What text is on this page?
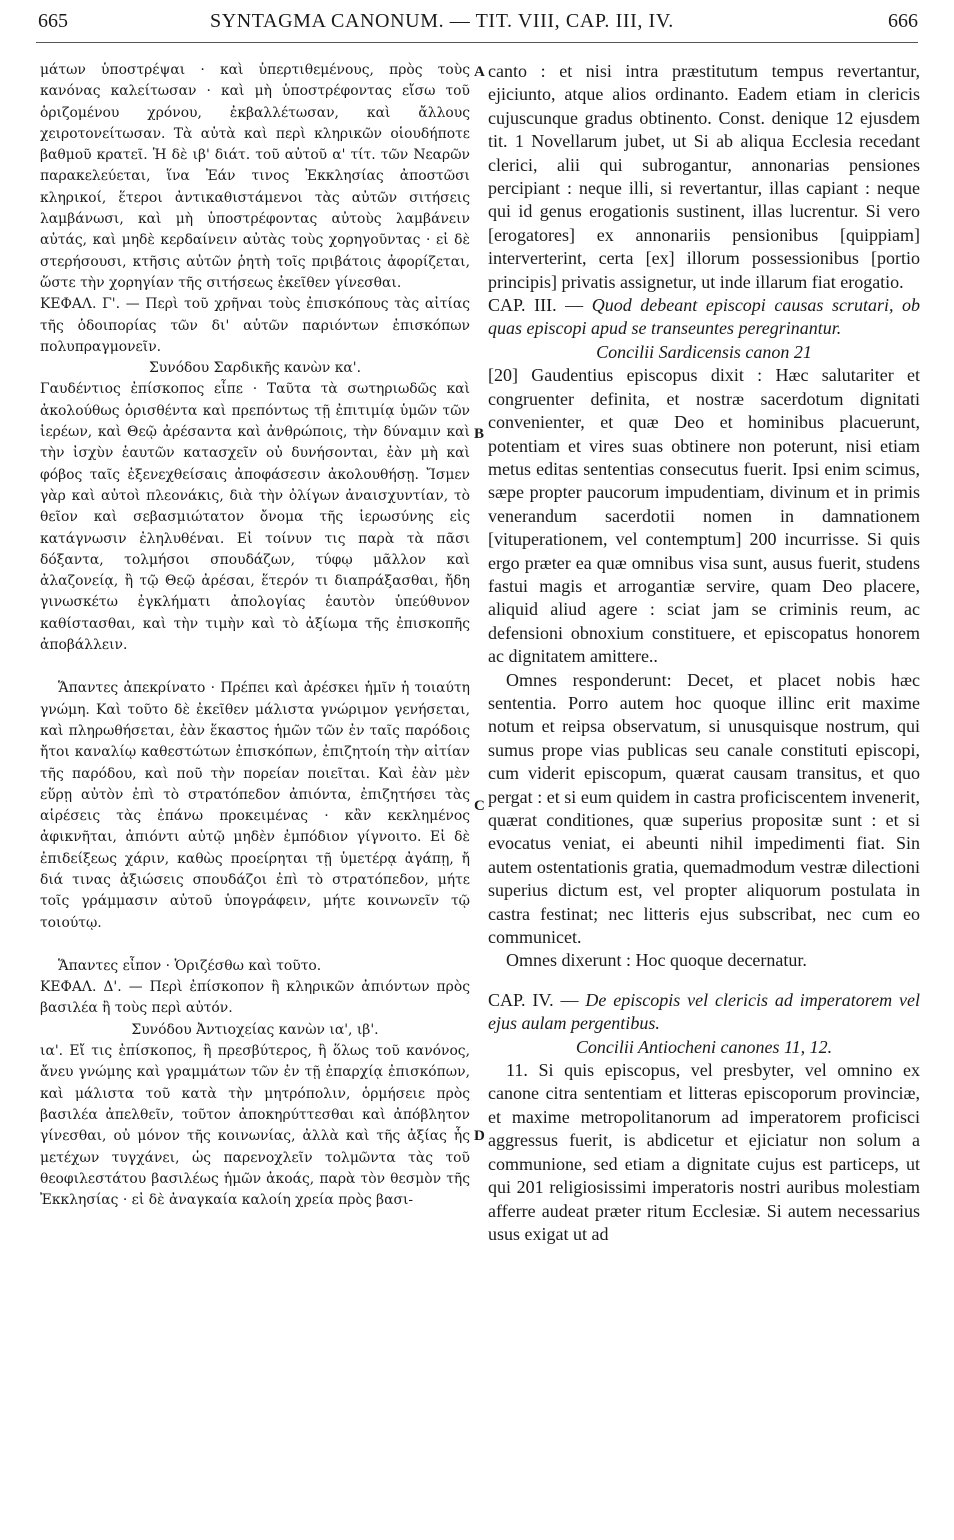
665	SYNTAGMA CANONUM. — TIT. VIII, CAP. III, IV.	666
A
B
C
D

μάτων ὑποστρέψαι · καὶ ὑπερτιθεμένους, πρὸς τοὺς κανόνας καλείτωσαν · καὶ μὴ ὑποστρέφοντας εἴσω τοῦ ὁριζομένου χρόνου, ἐκβαλλέτωσαν, καὶ ἄλλους χειροτονείτωσαν. Τὰ αὐτὰ καὶ περὶ κληρικῶν οἱουδήποτε βαθμοῦ κρατεῖ. Ἡ δὲ ιβ' διάτ. τοῦ αὐτοῦ α' τίτ. τῶν Νεαρῶν παρακελεύεται, ἵνα Ἐάν τινος Ἐκκλησίας ἀποστῶσι κληρικοί, ἕτεροι ἀντικαθιστάμενοι τὰς αὐτῶν σιτήσεις λαμβάνωσι, καὶ μὴ ὑποστρέφοντας αὐτοὺς λαμβάνειν αὐτάς, καὶ μηδὲ κερδαίνειν αὐτὰς τοὺς χορηγοῦντας · εἰ δὲ στερήσουσι, κτῆσις αὐτῶν ῥητὴ τοῖς πριβάτοις ἀφορίζεται, ὥστε τὴν χορηγίαν τῆς σιτήσεως ἐκεῖθεν γίνεσθαι.

ΚΕΦΑΛ. Γ'. — Περὶ τοῦ χρῆναι τοὺς ἐπισκόπους τὰς αἰτίας τῆς ὁδοιπορίας τῶν δι' αὐτῶν παριόντων ἐπισκόπων πολυπραγμονεῖν.

Συνόδου Σαρδικῆς κανὼν κα'.

Γαυδέντιος ἐπίσκοπος εἶπε · Ταῦτα τὰ σωτηριωδῶς καὶ ἀκολούθως ὁρισθέντα καὶ πρεπόντως τῇ ἐπιτιμίᾳ ὑμῶν τῶν ἱερέων, καὶ Θεῷ ἀρέσαντα καὶ ἀνθρώποις, τὴν δύναμιν καὶ τὴν ἰσχὺν ἑαυτῶν κατασχεῖν οὐ δυνήσονται, ἐὰν μὴ καὶ φόβος ταῖς ἐξενεχθείσαις ἀποφάσεσιν ἀκολουθήσῃ. Ἴσμεν γὰρ καὶ αὐτοὶ πλεονάκις, διὰ τὴν ὀλίγων ἀναισχυντίαν, τὸ θεῖον καὶ σεβασμιώτατον ὄνομα τῆς ἱερωσύνης εἰς κατάγνωσιν ἐληλυθέναι. Εἰ τοίνυν τις παρὰ τὰ πᾶσι δόξαντα, τολμήσοι σπουδάζων, τύφῳ μᾶλλον καὶ ἀλαζονείᾳ, ἢ τῷ Θεῷ ἀρέσαι, ἕτερόν τι διαπράξασθαι, ἤδη γινωσκέτω ἐγκλήματι ἀπολογίας ἑαυτὸν ὑπεύθυνον καθίστασθαι, καὶ τὴν τιμὴν καὶ τὸ ἀξίωμα τῆς ἐπισκοπῆς ἀποβάλλειν.

Ἅπαντες ἀπεκρίνατο · Πρέπει καὶ ἀρέσκει ἡμῖν ἡ τοιαύτη γνώμη. Καὶ τοῦτο δὲ ἐκεῖθεν μάλιστα γνώριμον γενήσεται, καὶ πληρωθήσεται, ἐὰν ἕκαστος ἡμῶν τῶν ἐν ταῖς παρόδοις ἤτοι καναλίῳ καθεστώτων ἐπισκόπων, ἐπιζητοίη τὴν αἰτίαν τῆς παρόδου, καὶ ποῦ τὴν πορείαν ποιεῖται. Καὶ ἐὰν μὲν εὕρῃ αὐτὸν ἐπὶ τὸ στρατόπεδον ἀπιόντα, ἐπιζητήσει τὰς αἱρέσεις τὰς ἐπάνω προκειμένας · κἂν κεκλημένος ἀφικνῆται, ἀπιόντι αὐτῷ μηδὲν ἐμπόδιον γίγνοιτο. Εἰ δὲ ἐπιδείξεως χάριν, καθὼς προείρηται τῇ ὑμετέρᾳ ἀγάπῃ, ἤ διά τινας ἀξιώσεις σπουδάζοι ἐπὶ τὸ στρατόπεδον, μήτε τοῖς γράμμασιν αὐτοῦ ὑπογράφειν, μήτε κοινωνεῖν τῷ τοιούτῳ.

Ἅπαντες εἶπον · Ὁριζέσθω καὶ τοῦτο.

ΚΕΦΑΛ. Δ'. — Περὶ ἐπίσκοπον ἢ κληρικῶν ἀπιόντων πρὸς βασιλέα ἢ τοὺς περὶ αὐτόν.

Συνόδου Ἀντιοχείας κανὼν ια', ιβ'.

ια'. Εἴ τις ἐπίσκοπος, ἢ πρεσβύτερος, ἢ ὅλως τοῦ κανόνος, ἄνευ γνώμης καὶ γραμμάτων τῶν ἐν τῇ ἐπαρχίᾳ ἐπισκόπων, καὶ μάλιστα τοῦ κατὰ τὴν μητρόπολιν, ὁρμήσειε πρὸς βασιλέα ἀπελθεῖν, τοῦτον ἀποκηρύττεσθαι καὶ ἀπόβλητον γίνεσθαι, οὐ μόνον τῆς κοινωνίας, ἀλλὰ καὶ τῆς ἀξίας ἧς μετέχων τυγχάνει, ὡς παρενοχλεῖν τολμῶντα τὰς τοῦ θεοφιλεστάτου βασιλέως ἡμῶν ἀκοάς, παρὰ τὸν θεσμὸν τῆς Ἐκκλησίας · εἰ δὲ ἀναγκαία καλοίη χρεία πρὸς βασι-

canto : et nisi intra præstitutum tempus revertantur, ejiciunto, atque alios ordinanto. Eadem etiam in clericis cujuscunque gradus obtinento. Const. denique 12 ejusdem tit. 1 Novellarum jubet, ut Si ab aliqua Ecclesia recedant clerici, alii qui subrogantur, annonarias pensiones percipiant : neque illi, si revertantur, illas capiant : neque qui id genus erogationis sustinent, illas lucrentur. Si vero [erogatores] ex annonariis pensionibus [quippiam] interverterint, certa [ex] illorum possessionibus [portio principis] privatis assignetur, ut inde illarum fiat erogatio.

CAP. III. — Quod debeant episcopi causas scrutari, ob quas episcopi apud se transeuntes peregrinantur.

Concilii Sardicensis canon 21

[20] Gaudentius episcopus dixit : Hæc salutariter et congruenter definita, et nostræ sacerdotum dignitati convenienter, et quæ Deo et hominibus placuerunt, potentiam et vires suas obtinere non poterunt, nisi etiam metus editas sententias consecutus fuerit. Ipsi enim scimus, sæpe propter paucorum impudentiam, divinum et in primis venerandum sacerdotii nomen in damnationem [vituperationem, vel contemptum] 200 incurrisse. Si quis ergo præter ea quæ omnibus visa sunt, ausus fuerit, studens fastui magis et arrogantiæ servire, quam Deo placere, aliquid aliud agere : sciat jam se criminis reum, ac defensioni obnoxium constituere, et episcopatus honorem ac dignitatem amittere..

Omnes responderunt: Decet, et placet nobis hæc sententia. Porro autem hoc quoque illinc erit maxime notum et reipsa observatum, si unusquisque nostrum, qui sumus prope vias publicas seu canale constituti episcopi, cum viderit episcopum, quærat causam transitus, et quo pergat : et si eum quidem in castra proficiscentem invenerit, quærat conditiones, quæ superius propositæ sunt : et si evocatus veniat, ei abeunti nihil impedimenti fiat. Sin autem ostentationis gratia, quemadmodum vestræ dilectioni superius dictum est, vel propter aliquorum postulata in castra festinat; nec litteris ejus subscribat, nec cum eo communicet.

Omnes dixerunt : Hoc quoque decernatur.

CAP. IV. — De episcopis vel clericis ad imperatorem vel ejus aulam pergentibus.

Concilii Antiocheni canones 11, 12.

11. Si quis episcopus, vel presbyter, vel omnino ex canone citra sententiam et litteras episcoporum provinciæ, et maxime metropolitanorum ad imperatorem proficisci aggressus fuerit, is abdicetur et ejiciatur non solum a communione, sed etiam a dignitate cujus est particeps, ut qui 201 religiosissimi imperatoris nostri auribus molestiam afferre audeat præter ritum Ecclesiæ. Si autem necessarius usus exigat ut ad
